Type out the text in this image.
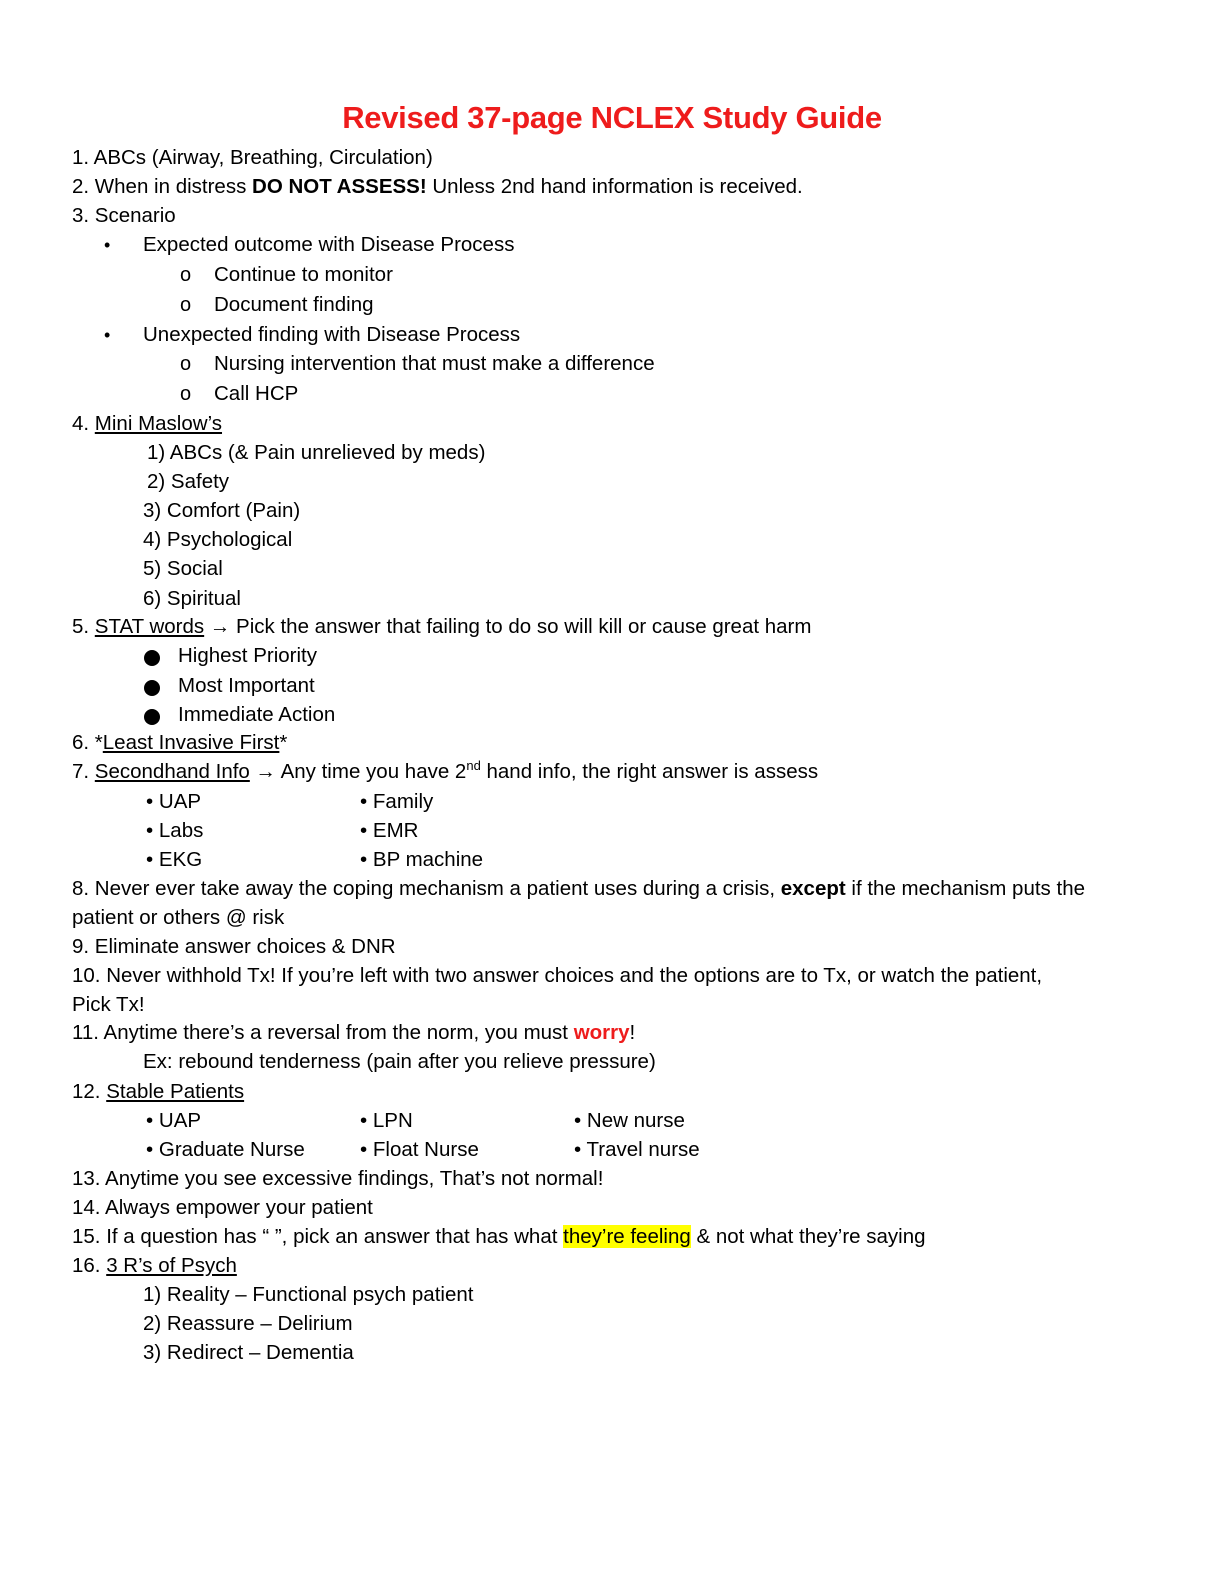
Revised 37-page NCLEX Study Guide
1. ABCs (Airway, Breathing, Circulation)
2. When in distress DO NOT ASSESS! Unless 2nd hand information is received.
3. Scenario
• Expected outcome with Disease Process
o Continue to monitor
o Document finding
• Unexpected finding with Disease Process
o Nursing intervention that must make a difference
o Call HCP
4. Mini Maslow’s
1) ABCs (& Pain unrelieved by meds)
2) Safety
3) Comfort (Pain)
4) Psychological
5) Social
6) Spiritual
5. STAT words → Pick the answer that failing to do so will kill or cause great harm
Highest Priority
Most Important
Immediate Action
6. *Least Invasive First*
7. Secondhand Info → Any time you have 2nd hand info, the right answer is assess
• UAP
• Labs
• EKG
• Family
• EMR
• BP machine
8. Never ever take away the coping mechanism a patient uses during a crisis, except if the mechanism puts the
patient or others @ risk
9. Eliminate answer choices & DNR
10. Never withhold Tx! If you’re left with two answer choices and the options are to Tx, or watch the patient,
Pick Tx!
11. Anytime there’s a reversal from the norm, you must worry!
Ex: rebound tenderness (pain after you relieve pressure)
12. Stable Patients
• UAP
• Graduate Nurse
• LPN
• Float Nurse
• New nurse
• Travel nurse
13. Anytime you see excessive findings, That’s not normal!
14. Always empower your patient
15. If a question has “ ”, pick an answer that has what they’re feeling & not what they’re saying
16. 3 R’s of Psych
1) Reality – Functional psych patient
2) Reassure – Delirium
3) Redirect – Dementia
